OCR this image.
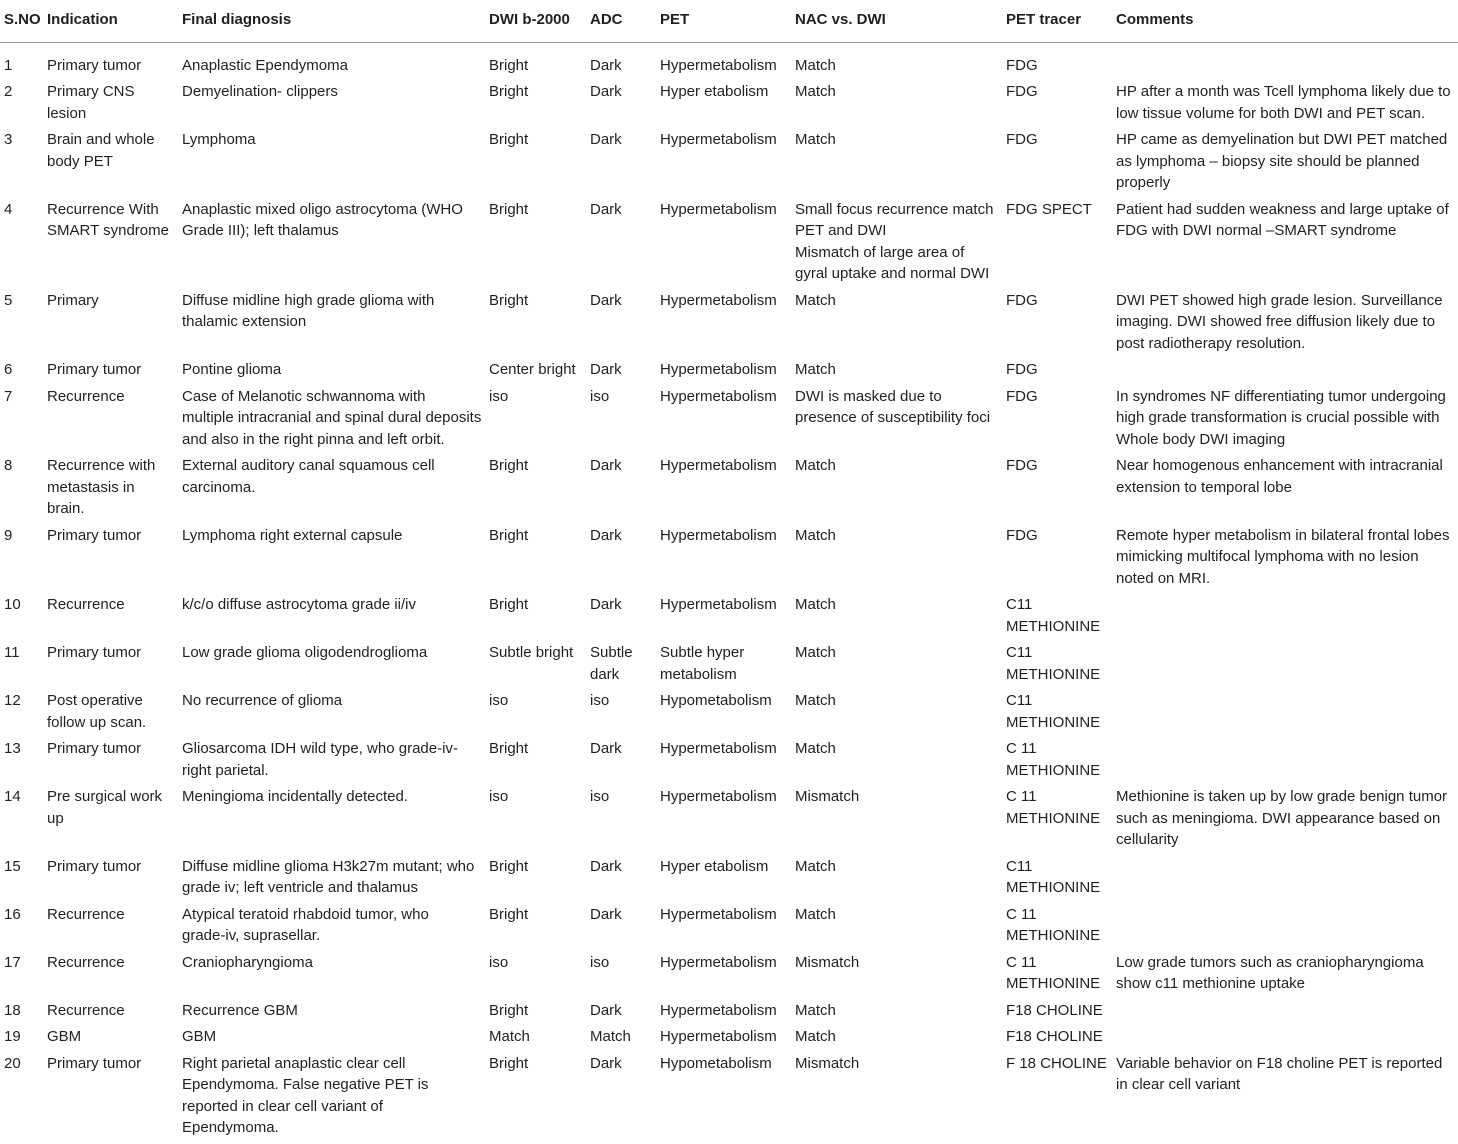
S.NO	Indication	Final diagnosis	DWI b-2000	ADC	PET	NAC vs. DWI	PET tracer	Comments
1	Primary tumor	Anaplastic Ependymoma	Bright	Dark	Hypermetabolism	Match	FDG	
2	Primary CNS
lesion	Demyelination- clippers	Bright	Dark	Hyper etabolism	Match	FDG	HP after a month was Tcell lymphoma likely due to
low tissue volume for both DWI and PET scan.
3	Brain and whole
body PET	Lymphoma	Bright	Dark	Hypermetabolism	Match	FDG	HP came as demyelination but DWI PET matched
as lymphoma – biopsy site should be planned
properly
4	Recurrence With
SMART syndrome	Anaplastic mixed oligo astrocytoma (WHO
Grade III); left thalamus	Bright	Dark	Hypermetabolism	Small focus recurrence match
PET and DWI
Mismatch of large area of
gyral uptake and normal DWI	FDG SPECT	Patient had sudden weakness and large uptake of
FDG with DWI normal –SMART syndrome
5	Primary	Diffuse midline high grade glioma with
thalamic extension	Bright	Dark	Hypermetabolism	Match	FDG	DWI PET showed high grade lesion. Surveillance
imaging. DWI showed free diffusion likely due to
post radiotherapy resolution.
6	Primary tumor	Pontine glioma	Center bright	Dark	Hypermetabolism	Match	FDG	
7	Recurrence	Case of Melanotic schwannoma with
multiple intracranial and spinal dural deposits
and also in the right pinna and left orbit.	iso	iso	Hypermetabolism	DWI is masked due to
presence of susceptibility foci	FDG	In syndromes NF differentiating tumor undergoing
high grade transformation is crucial possible with
Whole body DWI imaging
8	Recurrence with
metastasis in
brain.	External auditory canal squamous cell
carcinoma.	Bright	Dark	Hypermetabolism	Match	FDG	Near homogenous enhancement with intracranial
extension to temporal lobe
9	Primary tumor	Lymphoma right external capsule	Bright	Dark	Hypermetabolism	Match	FDG	Remote hyper metabolism in bilateral frontal lobes
mimicking multifocal lymphoma with no lesion
noted on MRI.
10	Recurrence	k/c/o diffuse astrocytoma grade ii/iv	Bright	Dark	Hypermetabolism	Match	C11
METHIONINE	
11	Primary tumor	Low grade glioma oligodendroglioma	Subtle bright	Subtle
dark	Subtle hyper
metabolism	Match	C11
METHIONINE	
12	Post operative
follow up scan.	No recurrence of glioma	iso	iso	Hypometabolism	Match	C11
METHIONINE	
13	Primary tumor	Gliosarcoma IDH wild type, who grade-iv-
right parietal.	Bright	Dark	Hypermetabolism	Match	C 11
METHIONINE	
14	Pre surgical work
up	Meningioma incidentally detected.	iso	iso	Hypermetabolism	Mismatch	C 11
METHIONINE	Methionine is taken up by low grade benign tumor
such as meningioma. DWI appearance based on
cellularity
15	Primary tumor	Diffuse midline glioma H3k27m mutant; who
grade iv; left ventricle and thalamus	Bright	Dark	Hyper etabolism	Match	C11
METHIONINE	
16	Recurrence	Atypical teratoid rhabdoid tumor, who
grade-iv, suprasellar.	Bright	Dark	Hypermetabolism	Match	C 11
METHIONINE	
17	Recurrence	Craniopharyngioma	iso	iso	Hypermetabolism	Mismatch	C 11
METHIONINE	Low grade tumors such as craniopharyngioma
show c11 methionine uptake
18	Recurrence	Recurrence GBM	Bright	Dark	Hypermetabolism	Match	F18 CHOLINE	
19	GBM	GBM	Match	Match	Hypermetabolism	Match	F18 CHOLINE	
20	Primary tumor	Right parietal anaplastic clear cell
Ependymoma. False negative PET is
reported in clear cell variant of
Ependymoma.	Bright	Dark	Hypometabolism	Mismatch	F 18 CHOLINE	Variable behavior on F18 choline PET is reported
in clear cell variant
